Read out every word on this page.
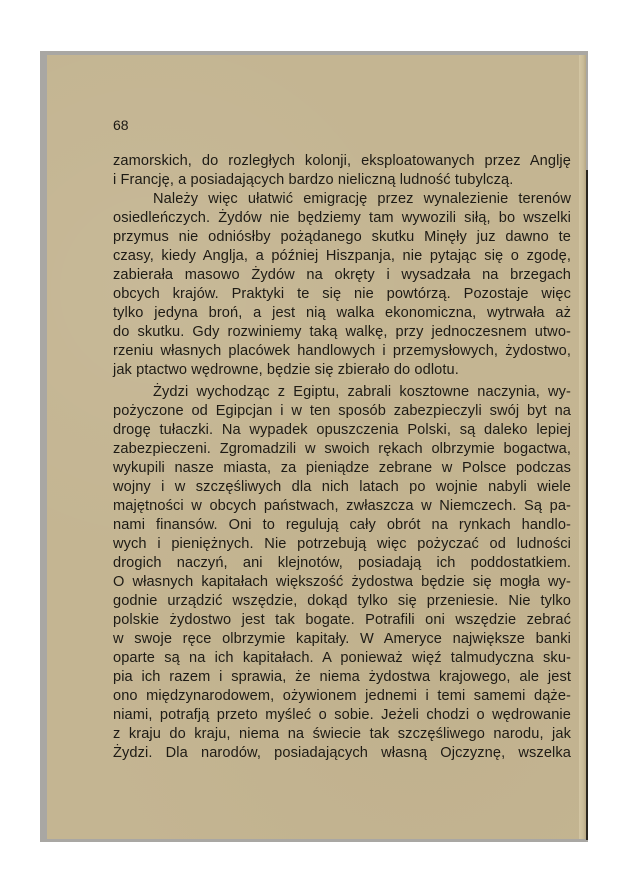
68
zamorskich, do rozległych kolonji, eksploatowanych przez Anglję
i Francję, a posiadających bardzo nieliczną ludność tubylczą.
Należy więc ułatwić emigrację przez wynalezienie terenów
osiedleńczych. Żydów nie będziemy tam wywozili siłą, bo wszelki
przymus nie odniósłby pożądanego skutku Minęły juz dawno te
czasy, kiedy Anglja, a później Hiszpanja, nie pytając się o zgodę,
zabierała masowo Żydów na okręty i wysadzała na brzegach
obcych krajów. Praktyki te się nie powtórzą. Pozostaje więc
tylko jedyna broń, a jest nią walka ekonomiczna, wytrwała aż
do skutku. Gdy rozwiniemy taką walkę, przy jednoczesnem utwo-
rzeniu własnych placówek handlowych i przemysłowych, żydostwo,
jak ptactwo wędrowne, będzie się zbierało do odlotu.
Żydzi wychodząc z Egiptu, zabrali kosztowne naczynia, wy-
pożyczone od Egipcjan i w ten sposób zabezpieczyli swój byt na
drogę tułaczki. Na wypadek opuszczenia Polski, są daleko lepiej
zabezpieczeni. Zgromadzili w swoich rękach olbrzymie bogactwa,
wykupili nasze miasta, za pieniądze zebrane w Polsce podczas
wojny i w szczęśliwych dla nich latach po wojnie nabyli wiele
majętności w obcych państwach, zwłaszcza w Niemczech. Są pa-
nami finansów. Oni to regulują cały obrót na rynkach handlo-
wych i pieniężnych. Nie potrzebują więc pożyczać od ludności
drogich naczyń, ani klejnotów, posiadają ich poddostatkiem.
O własnych kapitałach większość żydostwa będzie się mogła wy-
godnie urządzić wszędzie, dokąd tylko się przeniesie. Nie tylko
polskie żydostwo jest tak bogate. Potrafili oni wszędzie zebrać
w swoje ręce olbrzymie kapitały. W Ameryce największe banki
oparte są na ich kapitałach. A ponieważ więź talmudyczna sku-
pia ich razem i sprawia, że niema żydostwa krajowego, ale jest
ono międzynarodowem, ożywionem jednemi i temi samemi dąże-
niami, potrafją przeto myśleć o sobie. Jeżeli chodzi o wędrowanie
z kraju do kraju, niema na świecie tak szczęśliwego narodu, jak
Żydzi. Dla narodów, posiadających własną Ojczyznę, wszelka
